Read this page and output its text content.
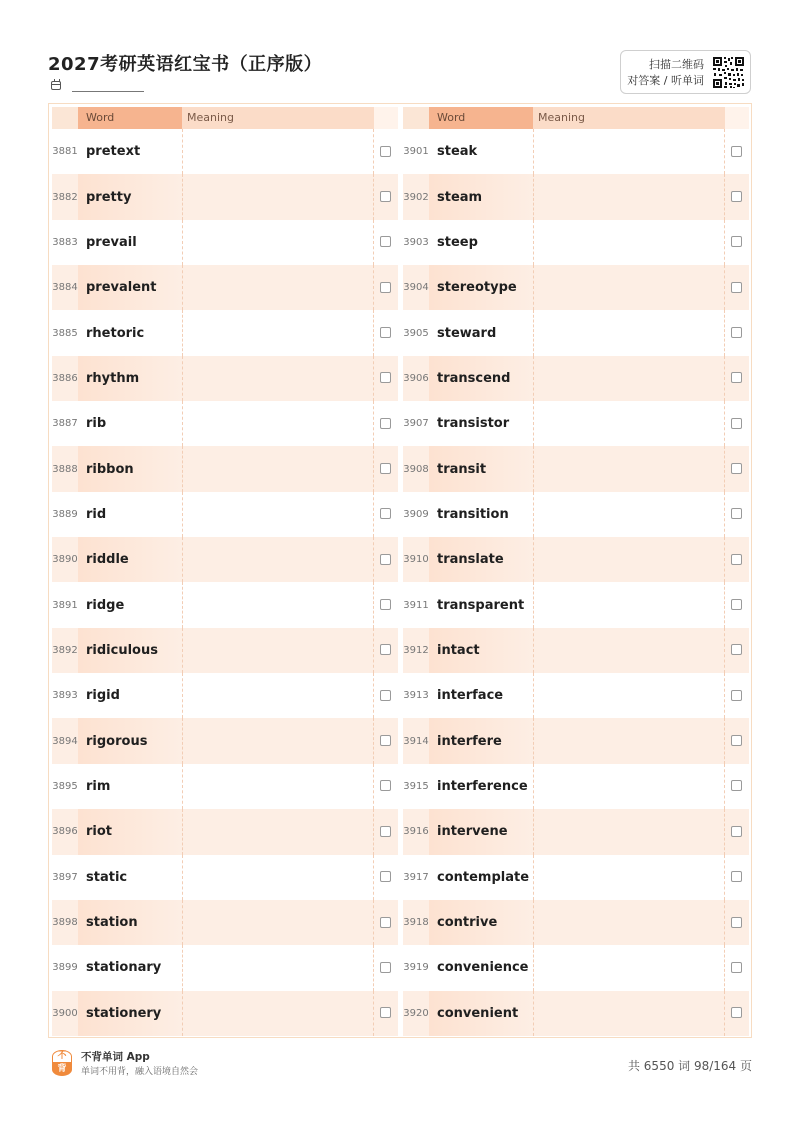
2027考研英语红宝书（正序版）	扫描二维码
对答案 / 听单词
Word	Meaning
3881 pretext
3882 pretty
3883 prevail
3884 prevalent
3885 rhetoric
3886 rhythm
3887 rib
3888 ribbon
3889 rid
3890 riddle
3891 ridge
3892 ridiculous
3893 rigid
3894 rigorous
3895 rim
3896 riot
3897 static
3898 station
3899 stationary
3900 stationery
Word	Meaning
3901 steak
3902 steam
3903 steep
3904 stereotype
3905 steward
3906 transcend
3907 transistor
3908 transit
3909 transition
3910 translate
3911 transparent
3912 intact
3913 interface
3914 interfere
3915 interference
3916 intervene
3917 contemplate
3918 contrive
3919 convenience
3920 convenient
不
背
不背单词 App
单词不用背，融入语境自然会	共 6550 词 98/164 页
